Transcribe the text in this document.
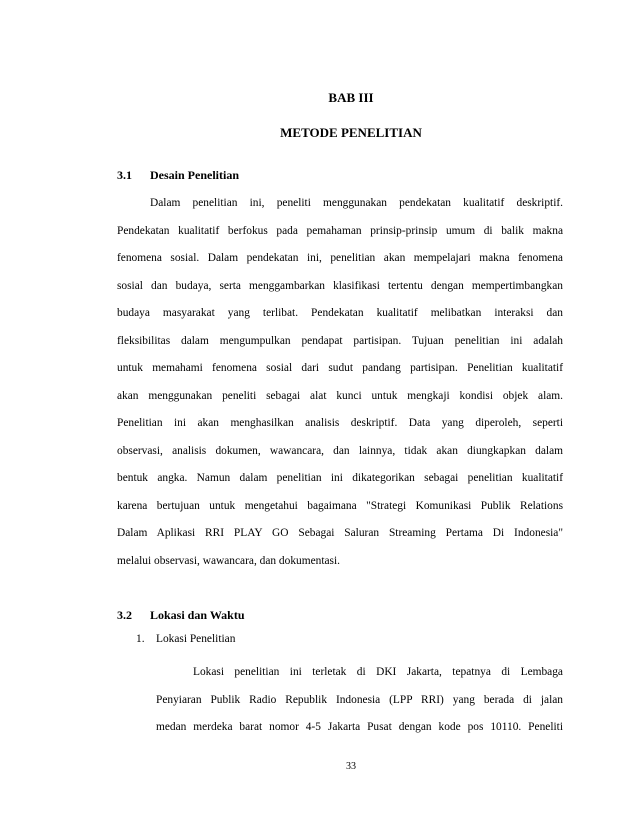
BAB III
METODE PENELITIAN
3.1 Desain Penelitian
Dalam penelitian ini, peneliti menggunakan pendekatan kualitatif deskriptif.
Pendekatan kualitatif berfokus pada pemahaman prinsip-prinsip umum di balik makna
fenomena sosial. Dalam pendekatan ini, penelitian akan mempelajari makna fenomena
sosial dan budaya, serta menggambarkan klasifikasi tertentu dengan mempertimbangkan
budaya masyarakat yang terlibat. Pendekatan kualitatif melibatkan interaksi dan
fleksibilitas dalam mengumpulkan pendapat partisipan. Tujuan penelitian ini adalah
untuk memahami fenomena sosial dari sudut pandang partisipan. Penelitian kualitatif
akan menggunakan peneliti sebagai alat kunci untuk mengkaji kondisi objek alam.
Penelitian ini akan menghasilkan analisis deskriptif. Data yang diperoleh, seperti
observasi, analisis dokumen, wawancara, dan lainnya, tidak akan diungkapkan dalam
bentuk angka. Namun dalam penelitian ini dikategorikan sebagai penelitian kualitatif
karena bertujuan untuk mengetahui bagaimana "Strategi Komunikasi Publik Relations
Dalam Aplikasi RRI PLAY GO Sebagai Saluran Streaming Pertama Di Indonesia"
melalui observasi, wawancara, dan dokumentasi.
3.2 Lokasi dan Waktu
1. Lokasi Penelitian
Lokasi penelitian ini terletak di DKI Jakarta, tepatnya di Lembaga
Penyiaran Publik Radio Republik Indonesia (LPP RRI) yang berada di jalan
medan merdeka barat nomor 4-5 Jakarta Pusat dengan kode pos 10110. Peneliti
33
